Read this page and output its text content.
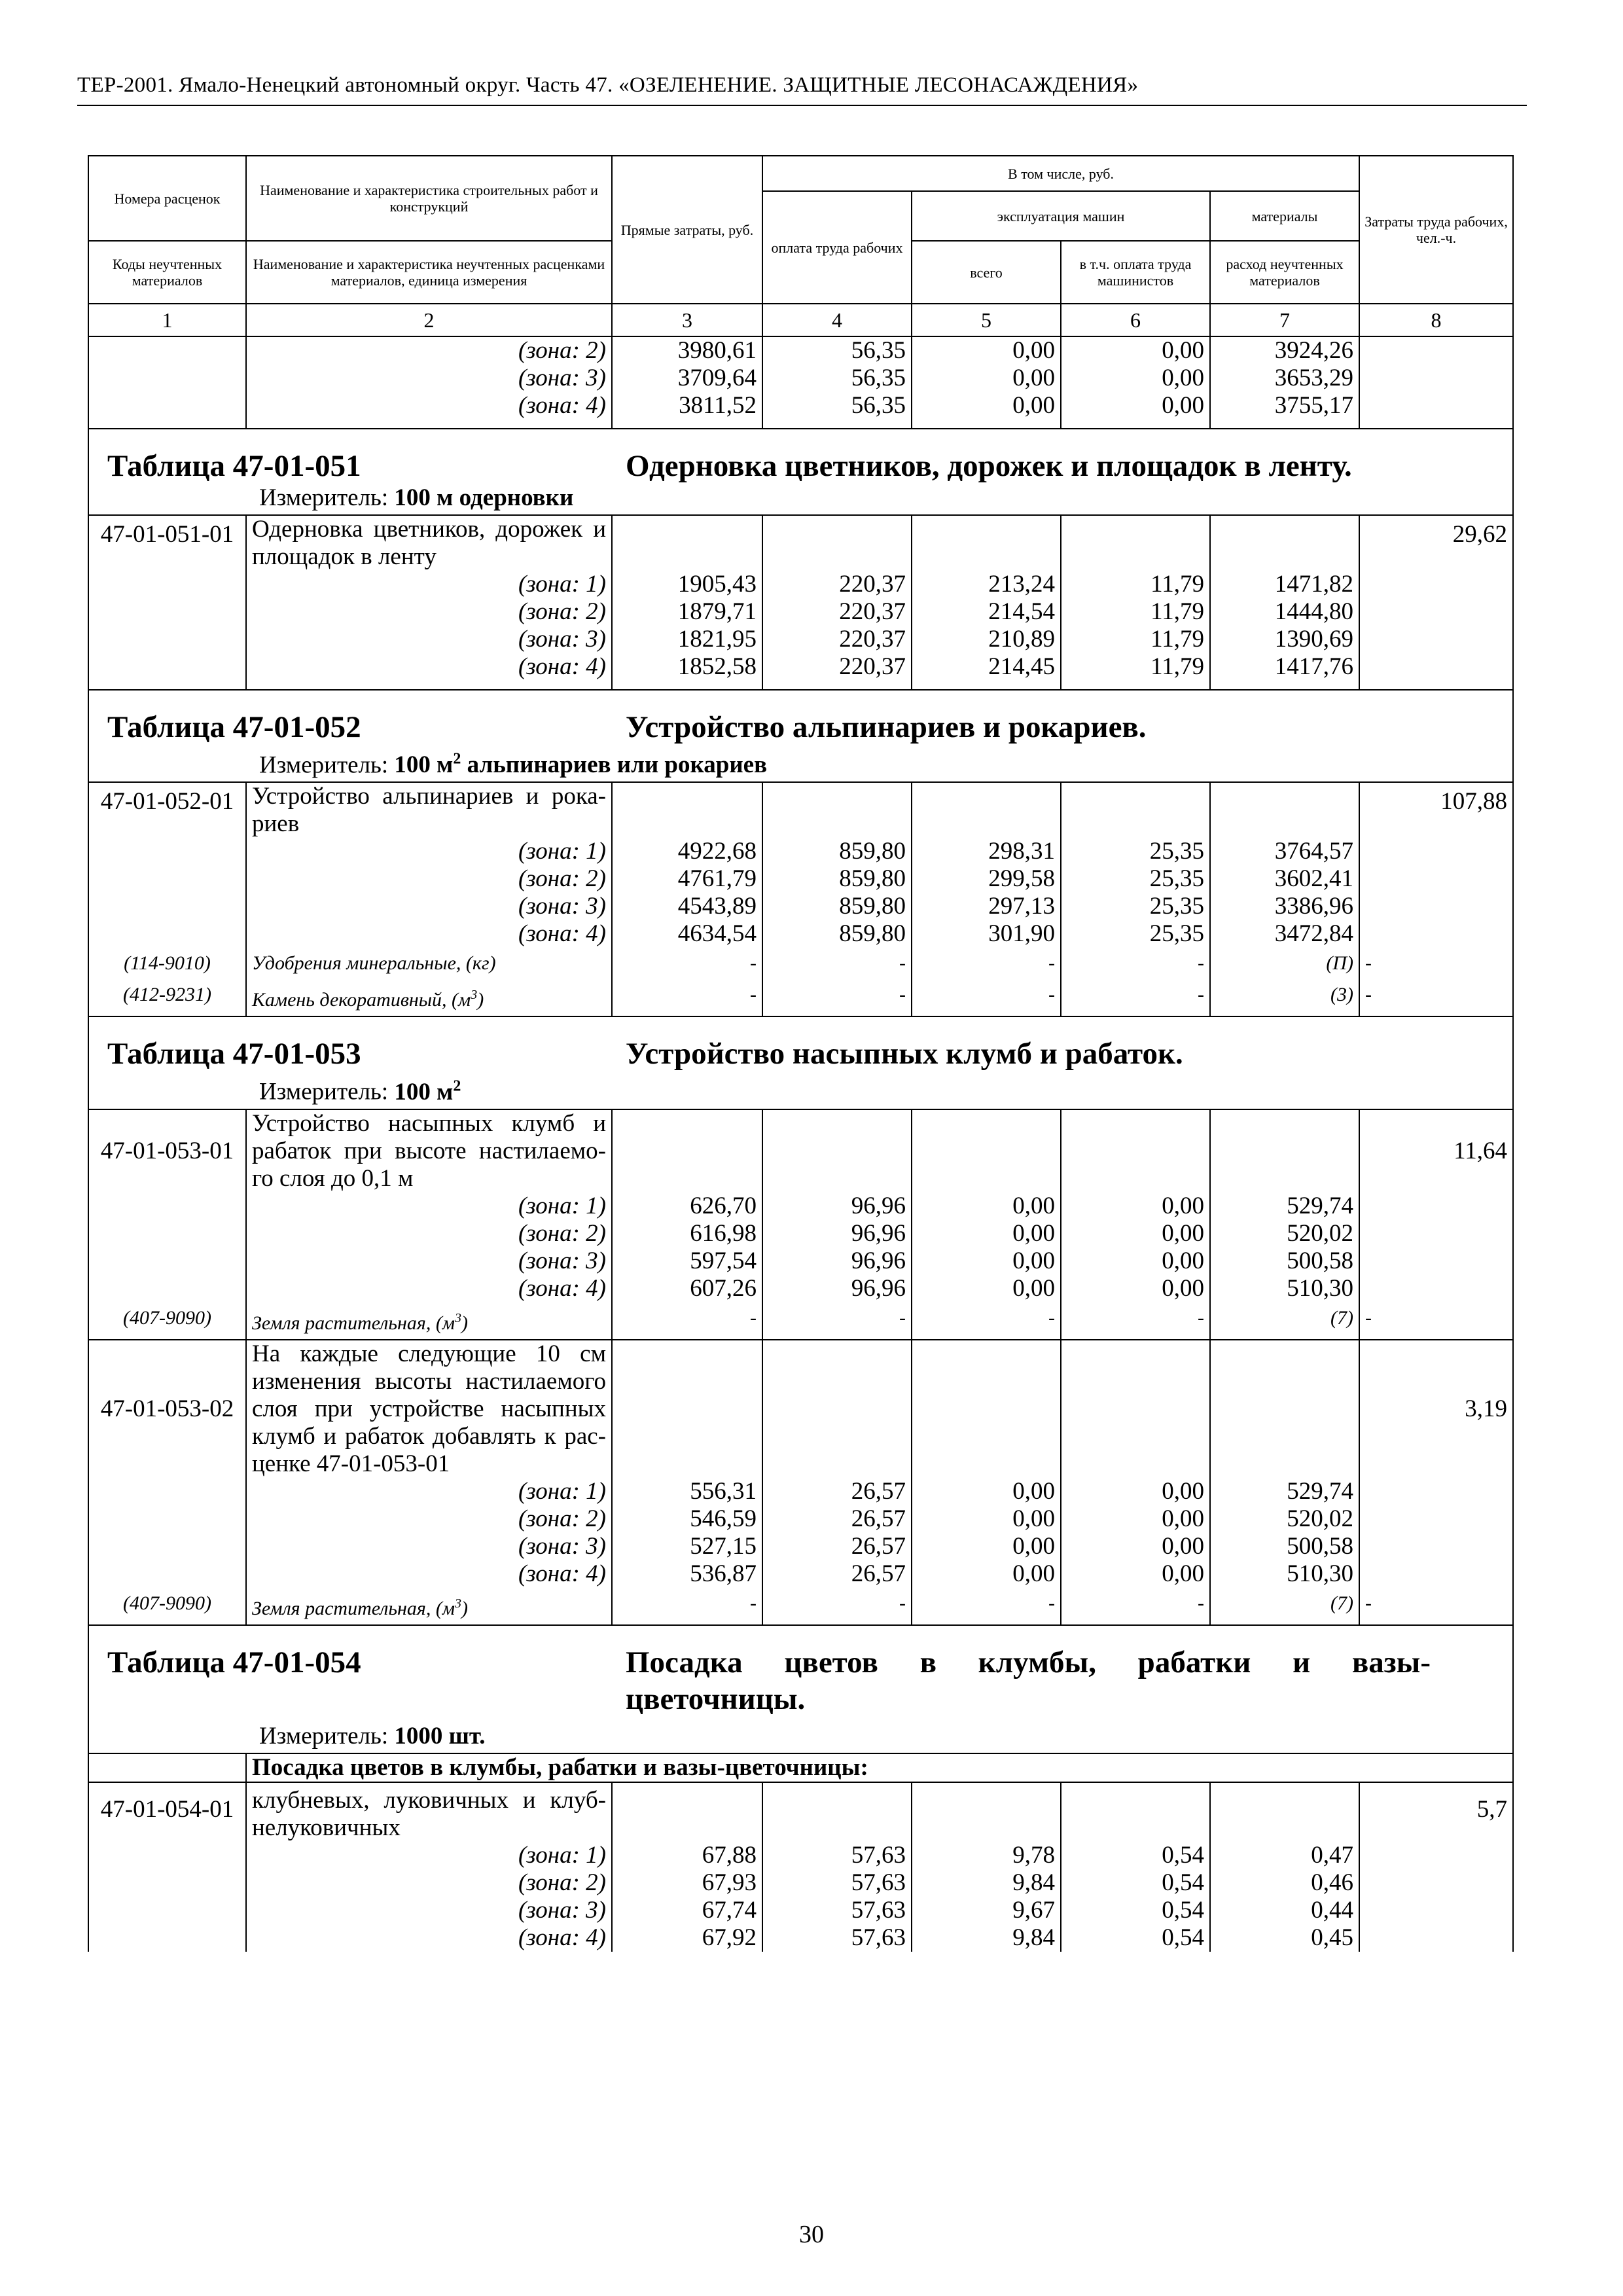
ТЕР-2001. Ямало-Ненецкий автономный округ. Часть 47. «ОЗЕЛЕНЕНИЕ. ЗАЩИТНЫЕ ЛЕСОНАСАЖДЕНИЯ»
Номера расценок	Наименование и характеристика строительных работ и конструкций	Прямые затраты, руб.	В том числе, руб.				Затраты труда рабочих, чел.-ч.
			оплата труда рабочих	эксплуатация машин		материалы	
Коды неучтенных материалов	Наименование и характеристика неучтенных расценками материалов, единица измерения			всего	в т.ч. оплата труда машинистов	расход неучтенных материалов	
1	2	3	4	5	6	7	8
	(зона: 2)	3980,61	56,35	0,00	0,00	3924,26	
	(зона: 3)	3709,64	56,35	0,00	0,00	3653,29	
	(зона: 4)	3811,52	56,35	0,00	0,00	3755,17	

Таблица 47-01-051 Одерновка цветников, дорожек и площадок в ленту.
Измеритель: 100 м одерновки							

47-01-051-01	Одерновка цветников, дорожек и площадок в ленту						29,62
	(зона: 1)	1905,43	220,37	213,24	11,79	1471,82	
	(зона: 2)	1879,71	220,37	214,54	11,79	1444,80	
	(зона: 3)	1821,95	220,37	210,89	11,79	1390,69	
	(зона: 4)	1852,58	220,37	214,45	11,79	1417,76	

Таблица 47-01-052 Устройство альпинариев и рокариев.
Измеритель: 100 $м^2$ альпинариев или рокариев							

47-01-052-01	Устройство альпинариев и рока-риев						107,88
	(зона: 1)	4922,68	859,80	298,31	25,35	3764,57	
	(зона: 2)	4761,79	859,80	299,58	25,35	3602,41	
	(зона: 3)	4543,89	859,80	297,13	25,35	3386,96	
	(зона: 4)	4634,54	859,80	301,90	25,35	3472,84	
(114-9010)	Удобрения минеральные, (кг)	-	-	-	-	(П)	-
(412-9231)	Камень декоративный, $(м^3)$	-	-	-	-	(3)	-

Таблица 47-01-053 Устройство насыпных клумб и рабаток.
Измеритель: 100 $м^2$

47-01-053-01	Устройство насыпных клумб и рабаток при высоте настилаемо-го слоя до 0,1 м						11,64
	(зона: 1)	626,70	96,96	0,00	0,00	529,74	
	(зона: 2)	616,98	96,96	0,00	0,00	520,02	
	(зона: 3)	597,54	96,96	0,00	0,00	500,58	
	(зона: 4)	607,26	96,96	0,00	0,00	510,30	
(407-9090)	Земля растительная, $(м^3)$	-	-	-	-	(7)	-
47-01-053-02	На каждые следующие 10 см изменения высоты настилаемого слоя при устройстве насыпных клумб и рабаток добавлять к рас-ценке 47-01-053-01						3,19
	(зона: 1)	556,31	26,57	0,00	0,00	529,74	
	(зона: 2)	546,59	26,57	0,00	0,00	520,02	
	(зона: 3)	527,15	26,57	0,00	0,00	500,58	
	(зона: 4)	536,87	26,57	0,00	0,00	510,30	
(407-9090)	Земля растительная, $(м^3)$	-	-	-	-	(7)	-

Таблица 47-01-054 Посадка цветов в клумбы, рабатки и вазы-
цветочницы.
Измеритель: 1000 шт.							

	Посадка цветов в клумбы, рабатки и вазы-цветочницы:						
47-01-054-01	клубневых, луковичных и клуб-нелуковичных						5,7
	(зона: 1)	67,88	57,63	9,78	0,54	0,47	
	(зона: 2)	67,93	57,63	9,84	0,54	0,46	
	(зона: 3)	67,74	57,63	9,67	0,54	0,44	
	(зона: 4)	67,92	57,63	9,84	0,54	0,45	
30
